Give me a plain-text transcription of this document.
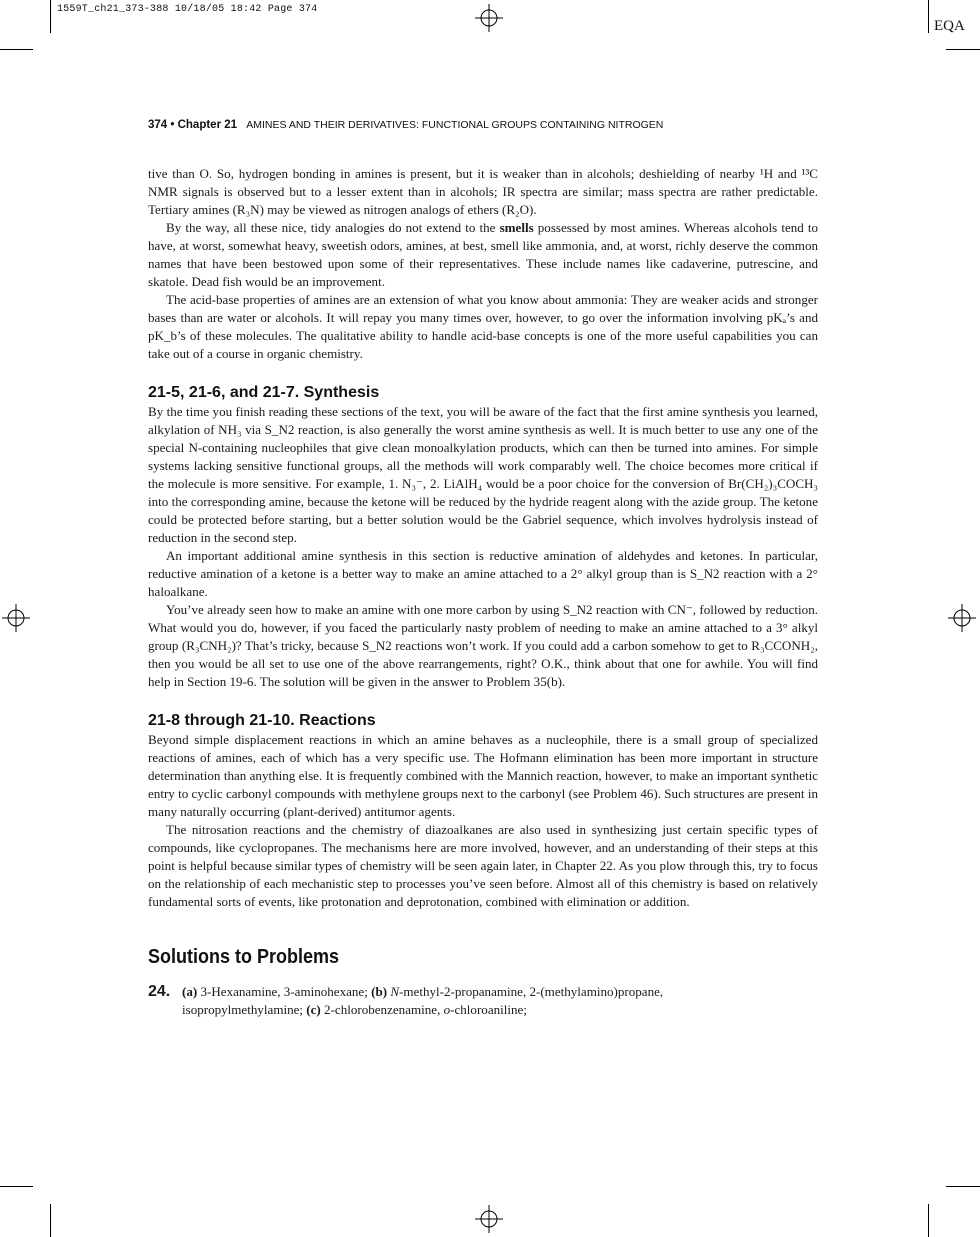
1559T_ch21_373-388 10/18/05 18:42 Page 374
EQA
374 • Chapter 21 AMINES AND THEIR DERIVATIVES: FUNCTIONAL GROUPS CONTAINING NITROGEN

tive than O. So, hydrogen bonding in amines is present, but it is weaker than in alcohols; deshielding of nearby ¹H and ¹³C NMR signals is observed but to a lesser extent than in alcohols; IR spectra are similar; mass spectra are rather predictable. Tertiary amines (R₃N) may be viewed as nitrogen analogs of ethers (R₂O).

By the way, all these nice, tidy analogies do not extend to the smells possessed by most amines. Whereas alcohols tend to have, at worst, somewhat heavy, sweetish odors, amines, at best, smell like ammonia, and, at worst, richly deserve the common names that have been bestowed upon some of their representatives. These include names like cadaverine, putrescine, and skatole. Dead fish would be an improvement.

The acid-base properties of amines are an extension of what you know about ammonia: They are weaker acids and stronger bases than are water or alcohols. It will repay you many times over, however, to go over the information involving pKₐ’s and pK_b’s of these molecules. The qualitative ability to handle acid-base concepts is one of the more useful capabilities you can take out of a course in organic chemistry.

21-5, 21-6, and 21-7. Synthesis

By the time you finish reading these sections of the text, you will be aware of the fact that the first amine synthesis you learned, alkylation of NH₃ via S_N2 reaction, is also generally the worst amine synthesis as well. It is much better to use any one of the special N-containing nucleophiles that give clean monoalkylation products, which can then be turned into amines. For simple systems lacking sensitive functional groups, all the methods will work comparably well. The choice becomes more critical if the molecule is more sensitive. For example, 1. N₃⁻, 2. LiAlH₄ would be a poor choice for the conversion of Br(CH₂)₃COCH₃ into the corresponding amine, because the ketone will be reduced by the hydride reagent along with the azide group. The ketone could be protected before starting, but a better solution would be the Gabriel sequence, which involves hydrolysis instead of reduction in the second step.

An important additional amine synthesis in this section is reductive amination of aldehydes and ketones. In particular, reductive amination of a ketone is a better way to make an amine attached to a 2° alkyl group than is S_N2 reaction with a 2° haloalkane.

You’ve already seen how to make an amine with one more carbon by using S_N2 reaction with CN⁻, followed by reduction. What would you do, however, if you faced the particularly nasty problem of needing to make an amine attached to a 3° alkyl group (R₃CNH₂)? That’s tricky, because S_N2 reactions won’t work. If you could add a carbon somehow to get to R₃CCONH₂, then you would be all set to use one of the above rearrangements, right? O.K., think about that one for awhile. You will find help in Section 19-6. The solution will be given in the answer to Problem 35(b).

21-8 through 21-10. Reactions

Beyond simple displacement reactions in which an amine behaves as a nucleophile, there is a small group of specialized reactions of amines, each of which has a very specific use. The Hofmann elimination has been more important in structure determination than anything else. It is frequently combined with the Mannich reaction, however, to make an important synthetic entry to cyclic carbonyl compounds with methylene groups next to the carbonyl (see Problem 46). Such structures are present in many naturally occurring (plant-derived) antitumor agents.

The nitrosation reactions and the chemistry of diazoalkanes are also used in synthesizing just certain specific types of compounds, like cyclopropanes. The mechanisms here are more involved, however, and an understanding of their steps at this point is helpful because similar types of chemistry will be seen again later, in Chapter 22. As you plow through this, try to focus on the relationship of each mechanistic step to processes you’ve seen before. Almost all of this chemistry is based on relatively fundamental sorts of events, like protonation and deprotonation, combined with elimination or addition.

Solutions to Problems
24. (a) 3-Hexanamine, 3-aminohexane; (b) N-methyl-2-propanamine, 2-(methylamino)propane,
isopropylmethylamine; (c) 2-chlorobenzenamine, o-chloroaniline;
